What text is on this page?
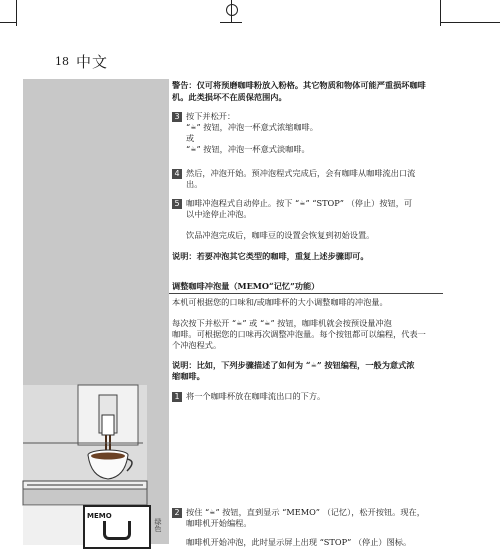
18 中文
警告：仅可将预磨咖啡粉放入粉格。其它物质和物体可能严重损坏咖啡机。此类损坏不在质保范围内。
3 按下并松开：
“☕” 按钮，冲泡一杯意式浓缩咖啡。
或
“☕” 按钮，冲泡一杯意式淡咖啡。
4 然后，冲泡开始。预冲泡程式完成后，会有咖啡从咖啡流出口流
出。
5 咖啡冲泡程式自动停止。按下 “☕” “STOP” （停止）按钮，可
以中途停止冲泡。
饮品冲泡完成后，咖啡豆的设置会恢复到初始设置。
说明：若要冲泡其它类型的咖啡，重复上述步骤即可。
调整咖啡冲泡量（MEMO“记忆”功能）
本机可根据您的口味和/或咖啡杯的大小调整咖啡的冲泡量。
每次按下并松开 “☕” 或 “☕” 按钮，咖啡机就会按预设量冲泡
咖啡。可根据您的口味再次调整冲泡量。每个按钮都可以编程，代表一
个冲泡程式。
说明：比如，下列步骤描述了如何为 “☕” 按钮编程，一般为意式浓
缩咖啡。
1 将一个咖啡杯放在咖啡流出口的下方。
2 按住 “☕” 按钮，直到显示 “MEMO” （记忆），松开按钮。现在，
咖啡机开始编程。
咖啡机开始冲泡，此时显示屏上出现 “STOP” （停止）图标。
MEMO
绿色
